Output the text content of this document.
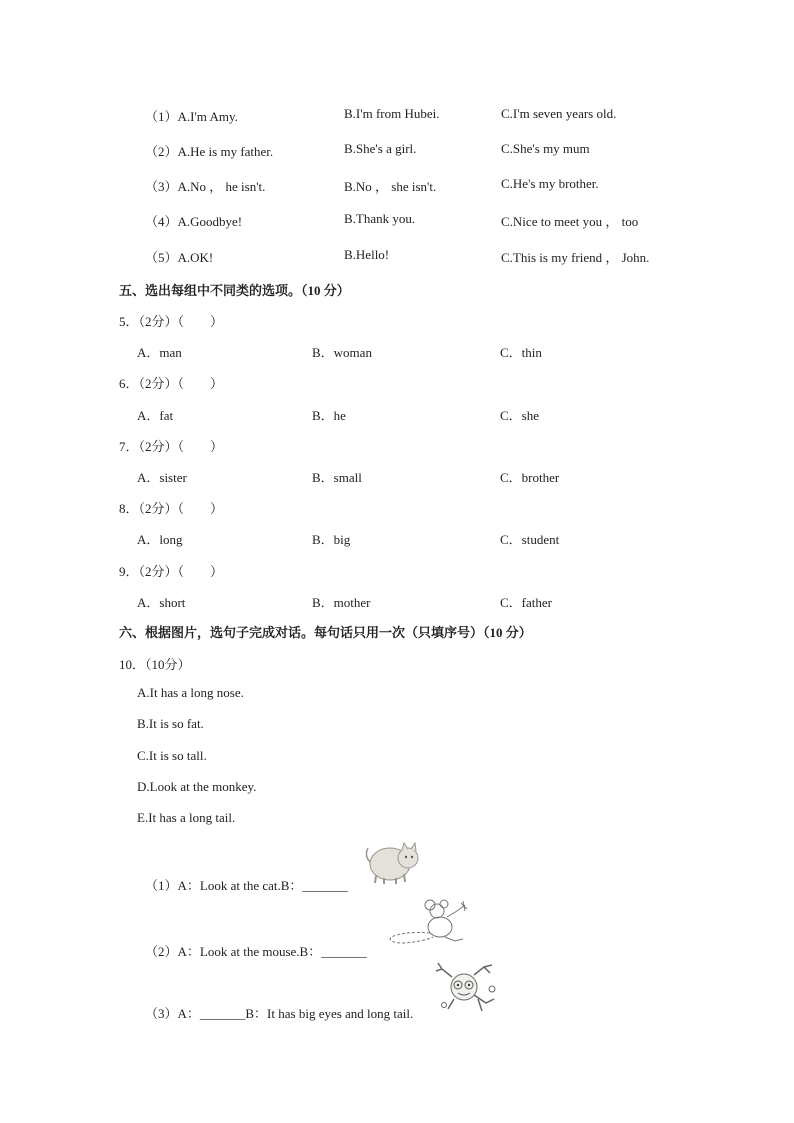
（1）A.I'm Amy.	B.I'm from Hubei.	C.I'm seven years old.
（2）A.He is my father.	B.She's a girl.	C.She's my mum
（3）A.No ， he isn't.	B.No ， she isn't.	C.He's my brother.
（4）A.Goodbye!	B.Thank you.	C.Nice to meet you ， too
（5）A.OK!	B.Hello!	C.This is my friend ， John.
五、选出每组中不同类的选项。（10 分）
5．（2分）（　　）
A．man	B．woman	C．thin
6．（2分）（　　）
A．fat	B．he	C．she
7．（2分）（　　）
A．sister	B．small	C．brother
8．（2分）（　　）
A．long	B．big	C．student
9．（2分）（　　）
A．short	B．mother	C．father
六、根据图片，选句子完成对话。每句话只用一次（只填序号）（10 分）
10．（10分）
A.It has a long nose.
B.It is so fat.
C.It is so tall.
D.Look at the monkey.
E.It has a long tail.
（1）A：Look at the cat.B：_______
（2）A：Look at the mouse.B：_______
（3）A：_______B：It has big eyes and long tail.
